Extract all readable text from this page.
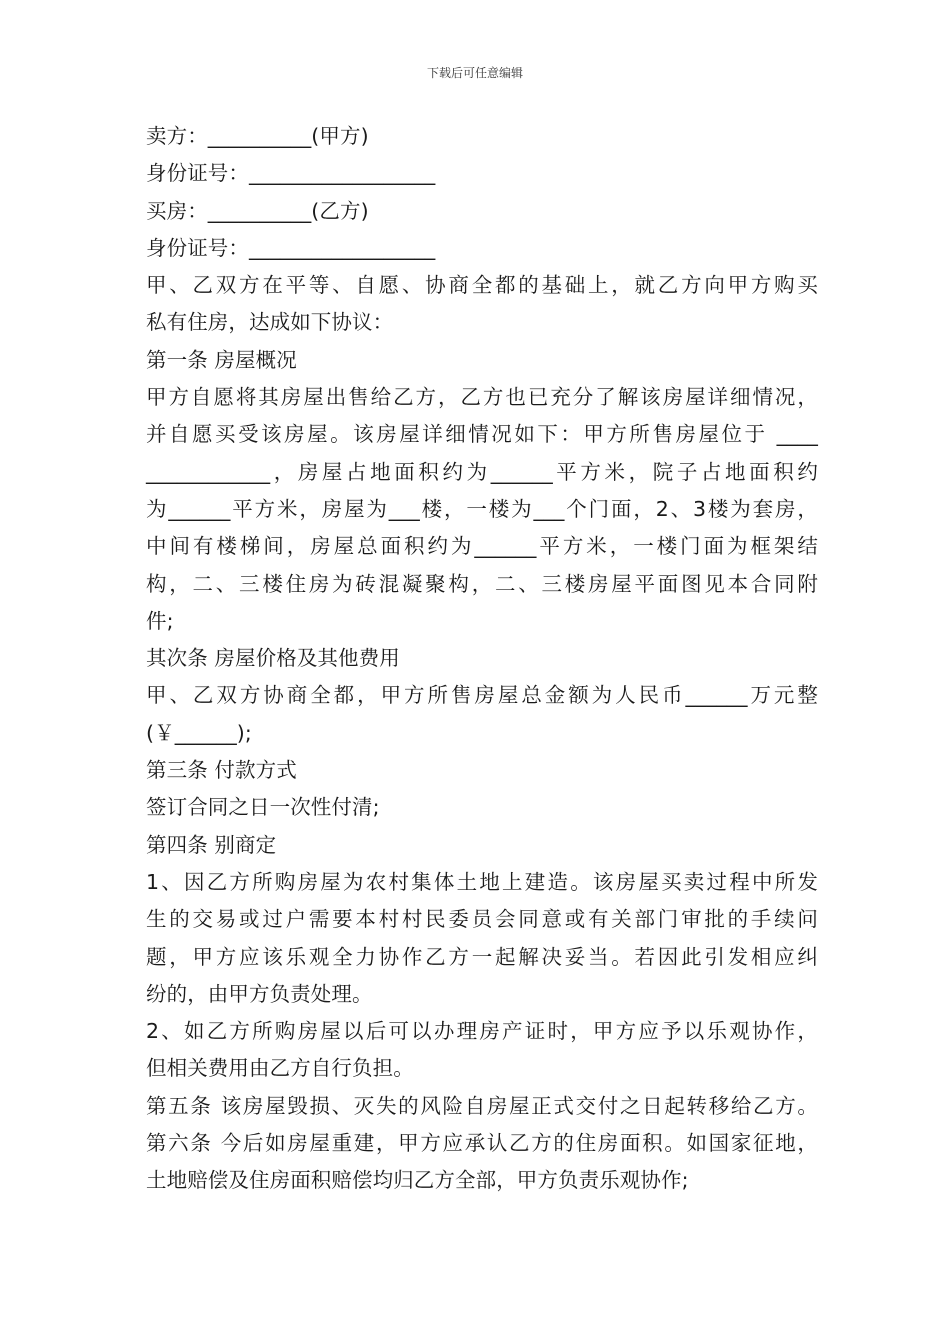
下载后可任意编辑
卖方：__________(甲方)
身份证号：__________________
买房：__________(乙方)
身份证号：__________________
甲、乙双方在平等、自愿、协商全都的基础上，就乙方向甲方购买
私有住房，达成如下协议：
第一条 房屋概况
甲方自愿将其房屋出售给乙方，乙方也已充分了解该房屋详细情况，
并自愿买受该房屋。该房屋详细情况如下：甲方所售房屋位于 ____
____________，房屋占地面积约为______平方米，院子占地面积约
为______平方米，房屋为___楼，一楼为___个门面，2、3楼为套房，
中间有楼梯间，房屋总面积约为______平方米，一楼门面为框架结
构，二、三楼住房为砖混凝聚构，二、三楼房屋平面图见本合同附
件;
其次条 房屋价格及其他费用
甲、乙双方协商全都，甲方所售房屋总金额为人民币______万元整
(￥______);
第三条 付款方式
签订合同之日一次性付清;
第四条 别商定
1、因乙方所购房屋为农村集体土地上建造。该房屋买卖过程中所发
生的交易或过户需要本村村民委员会同意或有关部门审批的手续问
题，甲方应该乐观全力协作乙方一起解决妥当。若因此引发相应纠
纷的，由甲方负责处理。
2、如乙方所购房屋以后可以办理房产证时，甲方应予以乐观协作，
但相关费用由乙方自行负担。
第五条 该房屋毁损、灭失的风险自房屋正式交付之日起转移给乙方。
第六条 今后如房屋重建，甲方应承认乙方的住房面积。如国家征地，
土地赔偿及住房面积赔偿均归乙方全部，甲方负责乐观协作;
